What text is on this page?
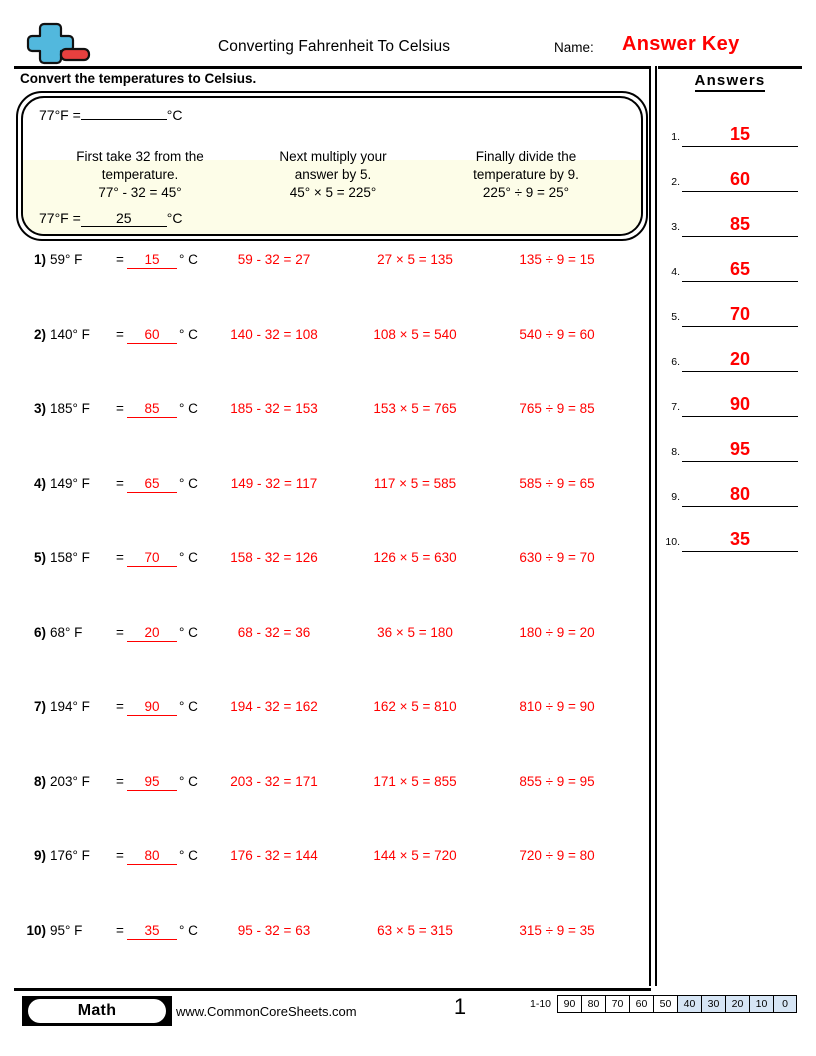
Converting Fahrenheit To Celsius	Name: Answer Key
Convert the temperatures to Celsius.
77°F =	°C
First take 32 from the
temperature.
77° - 32 = 45°
Next multiply your
answer by 5.
45° × 5 = 225°
Finally divide the
temperature by 9.
225° ÷ 9 = 25°
77°F =	25	°C
1) 59° F	=	15	° C	59 - 32 = 27	27 × 5 = 135	135 ÷ 9 = 15
2) 140° F	=	60	° C	140 - 32 = 108	108 × 5 = 540	540 ÷ 9 = 60
3) 185° F	=	85	° C	185 - 32 = 153	153 × 5 = 765	765 ÷ 9 = 85
4) 149° F	=	65	° C	149 - 32 = 117	117 × 5 = 585	585 ÷ 9 = 65
5) 158° F	=	70	° C	158 - 32 = 126	126 × 5 = 630	630 ÷ 9 = 70
6) 68° F	=	20	° C	68 - 32 = 36	36 × 5 = 180	180 ÷ 9 = 20
7) 194° F	=	90	° C	194 - 32 = 162	162 × 5 = 810	810 ÷ 9 = 90
8) 203° F	=	95	° C	203 - 32 = 171	171 × 5 = 855	855 ÷ 9 = 95
9) 176° F	=	80	° C	176 - 32 = 144	144 × 5 = 720	720 ÷ 9 = 80
10) 95° F	=	35	° C	95 - 32 = 63	63 × 5 = 315	315 ÷ 9 = 35
Answers
1.	15
2.	60
3.	85
4.	65
5.	70
6.	20
7.	90
8.	95
9.	80
10.	35
Math	www.CommonCoreSheets.com	1	1-10	90	80	70	60	50	40	30	20	10	0
